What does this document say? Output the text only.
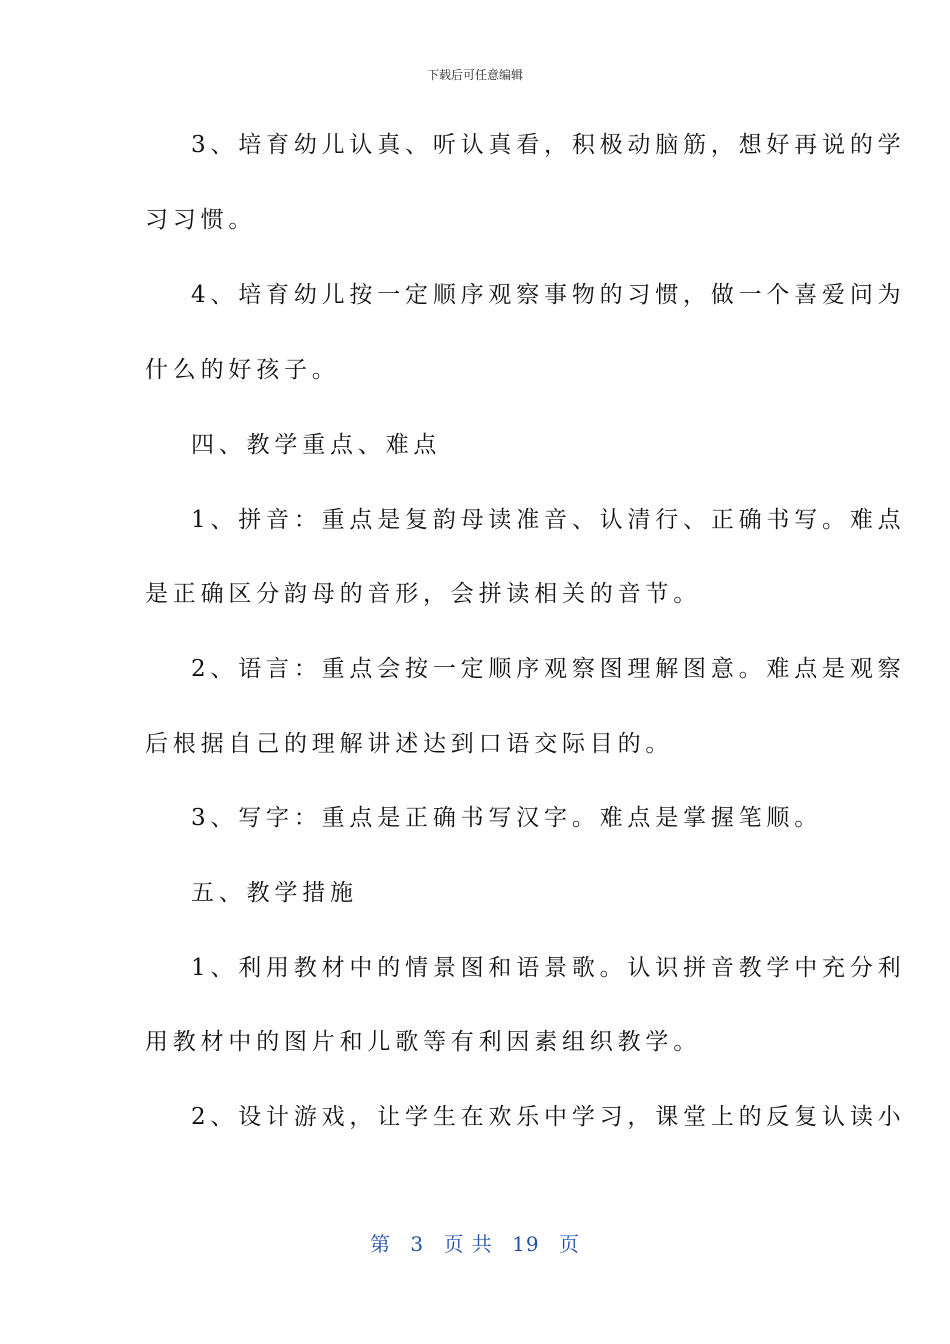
下载后可任意编辑
3、培育幼儿认真、听认真看，积极动脑筋，想好再说的学
习习惯。
4、培育幼儿按一定顺序观察事物的习惯，做一个喜爱问为
什么的好孩子。
四、教学重点、难点
1、拼音：重点是复韵母读准音、认清行、正确书写。难点
是正确区分韵母的音形，会拼读相关的音节。
2、语言：重点会按一定顺序观察图理解图意。难点是观察
后根据自己的理解讲述达到口语交际目的。
3、写字：重点是正确书写汉字。难点是掌握笔顺。
五、教学措施
1、利用教材中的情景图和语景歌。认识拼音教学中充分利
用教材中的图片和儿歌等有利因素组织教学。
2、设计游戏，让学生在欢乐中学习，课堂上的反复认读小
第 3 页 共 19 页
